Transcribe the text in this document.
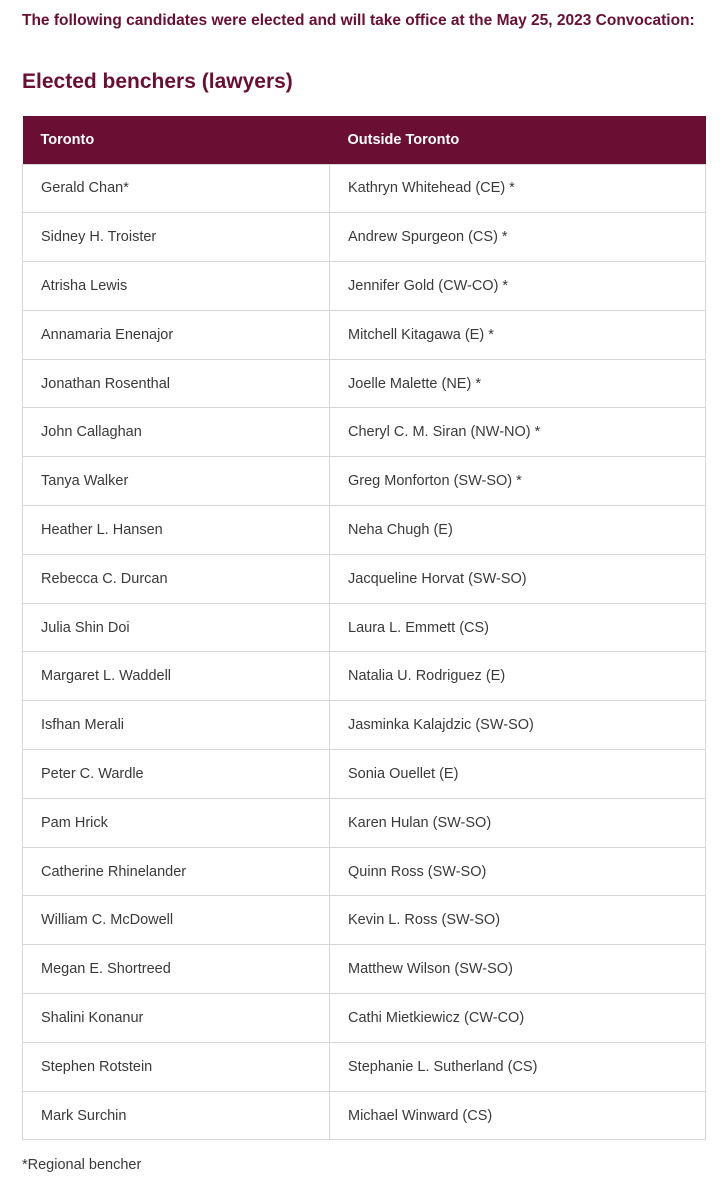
The following candidates were elected and will take office at the May 25, 2023 Convocation:

Elected benchers (lawyers)
Toronto	Outside Toronto
Gerald Chan*	Kathryn Whitehead (CE) *
Sidney H. Troister	Andrew Spurgeon (CS) *
Atrisha Lewis	Jennifer Gold (CW-CO) *
Annamaria Enenajor	Mitchell Kitagawa (E) *
Jonathan Rosenthal	Joelle Malette (NE) *
John Callaghan	Cheryl C. M. Siran (NW-NO) *
Tanya Walker	Greg Monforton (SW-SO) *
Heather L. Hansen	Neha Chugh (E)
Rebecca C. Durcan	Jacqueline Horvat (SW-SO)
Julia Shin Doi	Laura L. Emmett (CS)
Margaret L. Waddell	Natalia U. Rodriguez (E)
Isfhan Merali	Jasminka Kalajdzic (SW-SO)
Peter C. Wardle	Sonia Ouellet (E)
Pam Hrick	Karen Hulan (SW-SO)
Catherine Rhinelander	Quinn Ross (SW-SO)
William C. McDowell	Kevin L. Ross (SW-SO)
Megan E. Shortreed	Matthew Wilson (SW-SO)
Shalini Konanur	Cathi Mietkiewicz (CW-CO)
Stephen Rotstein	Stephanie L. Sutherland (CS)
Mark Surchin	Michael Winward (CS)

*Regional bencher
